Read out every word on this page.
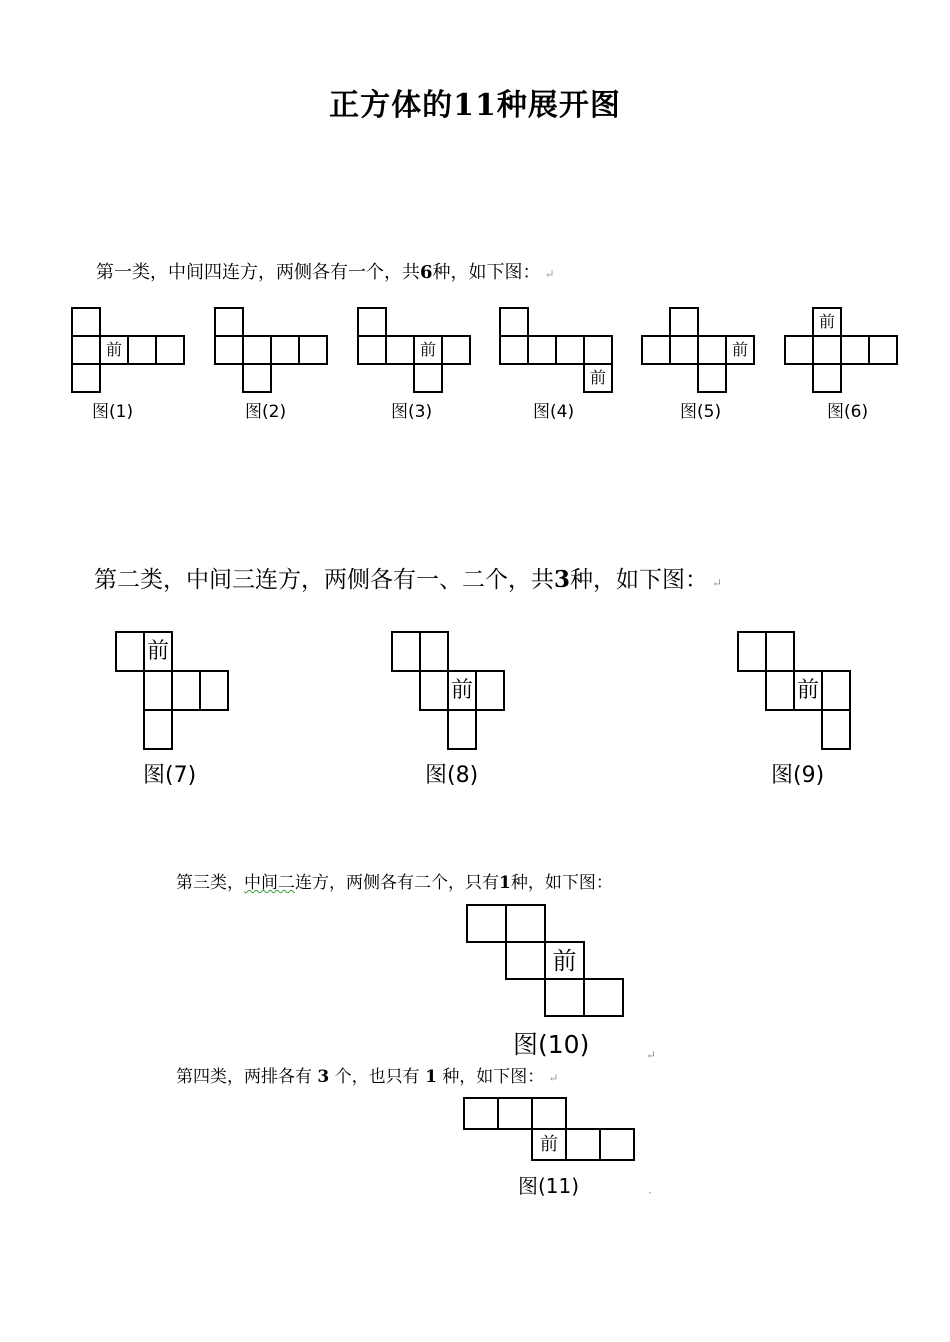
正方体的11种展开图
第一类，中间四连方，两侧各有一个，共6种，如下图： ↵
第二类，中间三连方，两侧各有一、二个，共3种，如下图： ↵
第三类，中间二连方，两侧各有二个，只有1种，如下图：
第四类，两排各有 3 个，也只有 1 种，如下图： ↵
↵
·
前
图(1)	图(2)
前
图(3)
前
图(4)
前
图(5)
前
图(6)
前
图(7)
前
图(8)
前
图(9)
前
图(10)
前
图(11)
